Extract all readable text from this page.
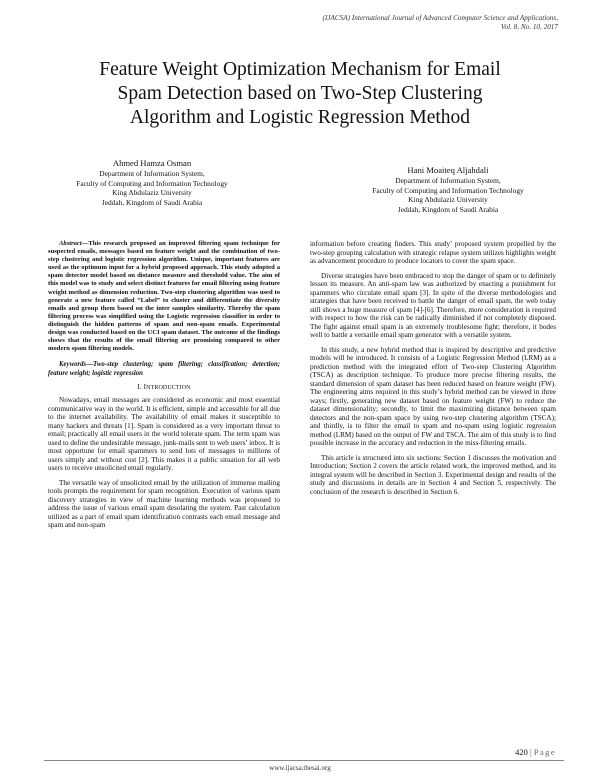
(IJACSA) International Journal of Advanced Computer Science and Applications,
Vol. 8, No. 10, 2017
Feature Weight Optimization Mechanism for Email
Spam Detection based on Two-Step Clustering
Algorithm and Logistic Regression Method
Ahmed Hamza Osman
Department of Information System,
Faculty of Computing and Information Technology
King Abdulaziz University
Jeddah, Kingdom of Saudi Arabia
Hani Moaiteq Aljahdali
Department of Information System,
Faculty of Computing and Information Technology
King Abdulaziz University
Jeddah, Kingdom of Saudi Arabia

Abstract—This research proposed an improved filtering spam technique for suspected emails, messages based on feature weight and the combination of two-step clustering and logistic regression algorithm. Unique, important features are used as the optimum input for a hybrid proposed approach. This study adopted a spam detector model based on distance measure and threshold value. The aim of this model was to study and select distinct features for email filtering using feature weight method as dimension reduction. Two-step clustering algorithm was used to generate a new feature called “Label” to cluster and differentiate the diversity emails and group them based on the inter samples similarity. Thereby the spam filtering process was simplified using the Logistic regression classifier in order to distinguish the hidden patterns of spam and non-spam emails. Experimental design was conducted based on the UCI spam dataset. The outcome of the findings shows that the results of the email filtering are promising compared to other modern spam filtering models.

Keywords—Two-step clustering; spam filtering; classification; detection; feature weight; logistic regression

I. INTRODUCTION

Nowadays, email messages are considered as economic and most essential communicative way in the world. It is efficient, simple and accessible for all due to the internet availability. The availability of email makes it susceptible to many hackers and threats [1]. Spam is considered as a very important threat to email; practically all email users in the world tolerate spam. The term spam was used to define the undesirable message, junk-mails sent to web users’ inbox. It is most opportune for email spammers to send lots of messages to millions of users simply and without cost [2]. This makes it a public situation for all web users to receive unsolicited email regularly.

The versatile way of unsolicited email by the utilization of immense mailing tools prompts the requirement for spam recognition. Execution of various spam discovery strategies in view of machine learning methods was proposed to address the issue of various email spam desolating the system. Past calculation utilized as a part of email spam identification contrasts each email message and spam and non-spam

information before creating finders. This study’ proposed system propelled by the two-step grouping calculation with strategic relapse system utilizes highlights weight as advancement procedure to produce locators to cover the spam space.

Diverse strategies have been embraced to stop the danger of spam or to definitely lessen its measure. An anti-spam law was authorized by enacting a punishment for spammers who circulate email spam [3]. In spite of the diverse methodologies and strategies that have been received to battle the danger of email spam, the web today still shows a huge measure of spam [4]-[6]. Therefore, more consideration is required with respect to how the risk can be radically diminished if not completely disposed. The fight against email spam is an extremely troublesome fight; therefore, it bodes well to battle a versatile email spam generator with a versatile system.

In this study, a new hybrid method that is inspired by descriptive and predictive models will be introduced. It consists of a Logistic Regression Method (LRM) as a prediction method with the integrated effort of Two-step Clustering Algorithm (TSCA) as description technique. To produce more precise filtering results, the standard dimension of spam dataset has been reduced based on feature weight (FW). The engineering aims required in this study’s hybrid method can be viewed in three ways; firstly, generating new dataset based on feature weight (FW) to reduce the dataset dimensionality; secondly, to limit the maximizing distance between spam detectors and the non-spam space by using two-step clustering algorithm (TSCA); and thirdly, is to filter the email to spam and no-spam using logistic regression method (LRM) based on the output of FW and TSCA. The aim of this study is to find possible increase in the accuracy and reduction in the miss-filtering emails.

This article is structured into six sections: Section 1 discusses the motivation and Introduction; Section 2 covers the article related work, the improved method, and its integral system will be described in Section 3. Experimental design and results of the study and discussions in details are in Section 4 and Section 5, respectively. The conclusion of the research is described in Section 6.

420 | Page
www.ijacsa.thesai.org
